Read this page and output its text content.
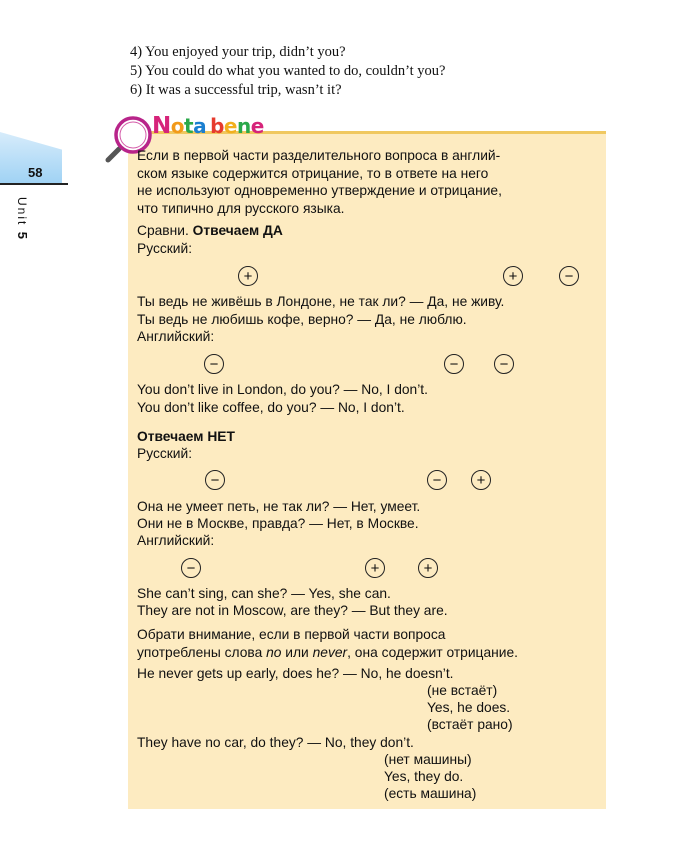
4) You enjoyed your trip, didn’t you?
5) You could do what you wanted to do, couldn’t you?
6) It was a successful trip, wasn’t it?
58
Unit 5
Nota bene
Если в первой части разделительного вопроса в англий-
ском языке содержится отрицание, то в ответе на него
не используют одновременно утверждение и отрицание,
что типично для русского языка.
Сравни. Отвечаем ДА
Русский:
+	+	−
Ты ведь не живёшь в Лондоне, не так ли? — Да, не живу.
Ты ведь не любишь кофе, верно? — Да, не люблю.
Английский:
−	−	−
You don’t live in London, do you? — No, I don’t.
You don’t like coffee, do you? — No, I don’t.
Отвечаем НЕТ
Русский:
−	−	+
Она не умеет петь, не так ли? — Нет, умеет.
Они не в Москве, правда? — Нет, в Москве.
Английский:
−	+	+
She can’t sing, can she? — Yes, she can.
They are not in Moscow, are they? — But they are.
Обрати внимание, если в первой части вопроса
употреблены слова no или never, она содержит отрицание.
He never gets up early, does he? — No, he doesn’t.
(не встаёт)
Yes, he does.
(встаёт рано)
They have no car, do they? — No, they don’t.
(нет машины)
Yes, they do.
(есть машина)
